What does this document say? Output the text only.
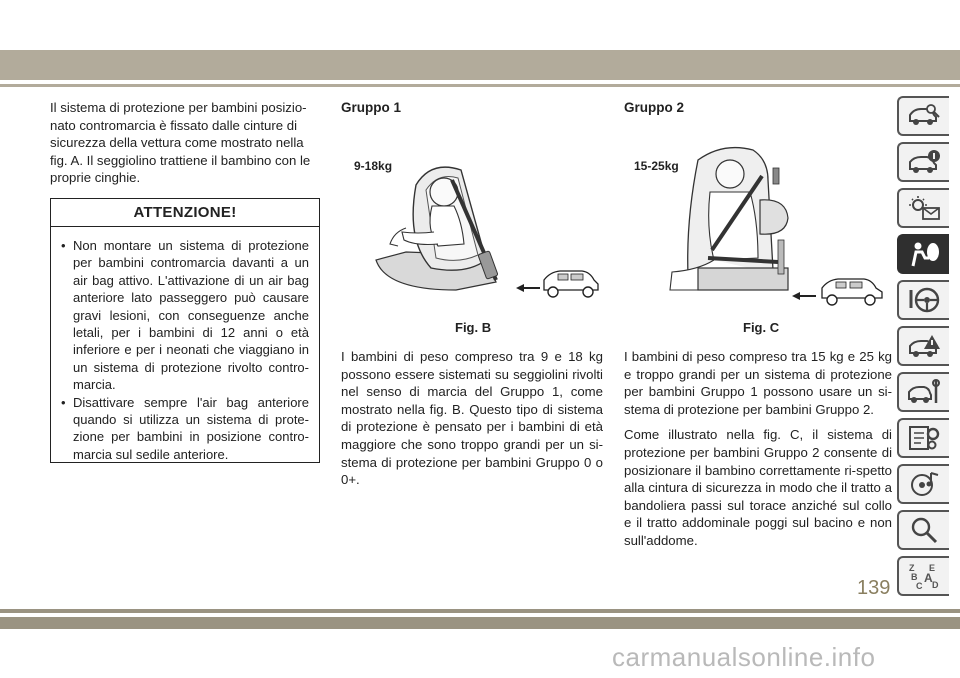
Il sistema di protezione per bambini posizio-
nato contromarcia è fissato dalle cinture di
sicurezza della vettura come mostrato nella
fig. A. Il seggiolino trattiene il bambino con le
proprie cinghie.

ATTENZIONE!
• Non montare un sistema di protezione per bambini contromarcia davanti a un air bag attivo. L'attivazione di un air bag anteriore lato passeggero può causare gravi lesioni, con conseguenze anche letali, per i bambini di 12 anni o età inferiore e per i neonati che viaggiano in un sistema di protezione rivolto contro-marcia.
• Disattivare sempre l'air bag anteriore quando si utilizza un sistema di prote-zione per bambini in posizione contro-marcia sul sedile anteriore.
Gruppo 1
9-18kg
Fig. B

I bambini di peso compreso tra 9 e 18 kg possono essere sistemati su seggiolini rivolti nel senso di marcia del Gruppo 1, come mostrato nella fig. B. Questo tipo di sistema di protezione è pensato per i bambini di età maggiore che sono troppo grandi per un si-stema di protezione per bambini Gruppo 0 o 0+.

Gruppo 2
15-25kg
Fig. C

I bambini di peso compreso tra 15 kg e 25 kg e troppo grandi per un sistema di protezione per bambini Gruppo 1 possono usare un si-stema di protezione per bambini Gruppo 2.

Come illustrato nella fig. C, il sistema di protezione per bambini Gruppo 2 consente di posizionare il bambino correttamente ri-spetto alla cintura di sicurezza in modo che il tratto a bandoliera passi sul torace anziché sul collo e il tratto addominale poggi sul bacino e non sull'addome.

Z E
B A
C D
139
carmanualsonline.info
